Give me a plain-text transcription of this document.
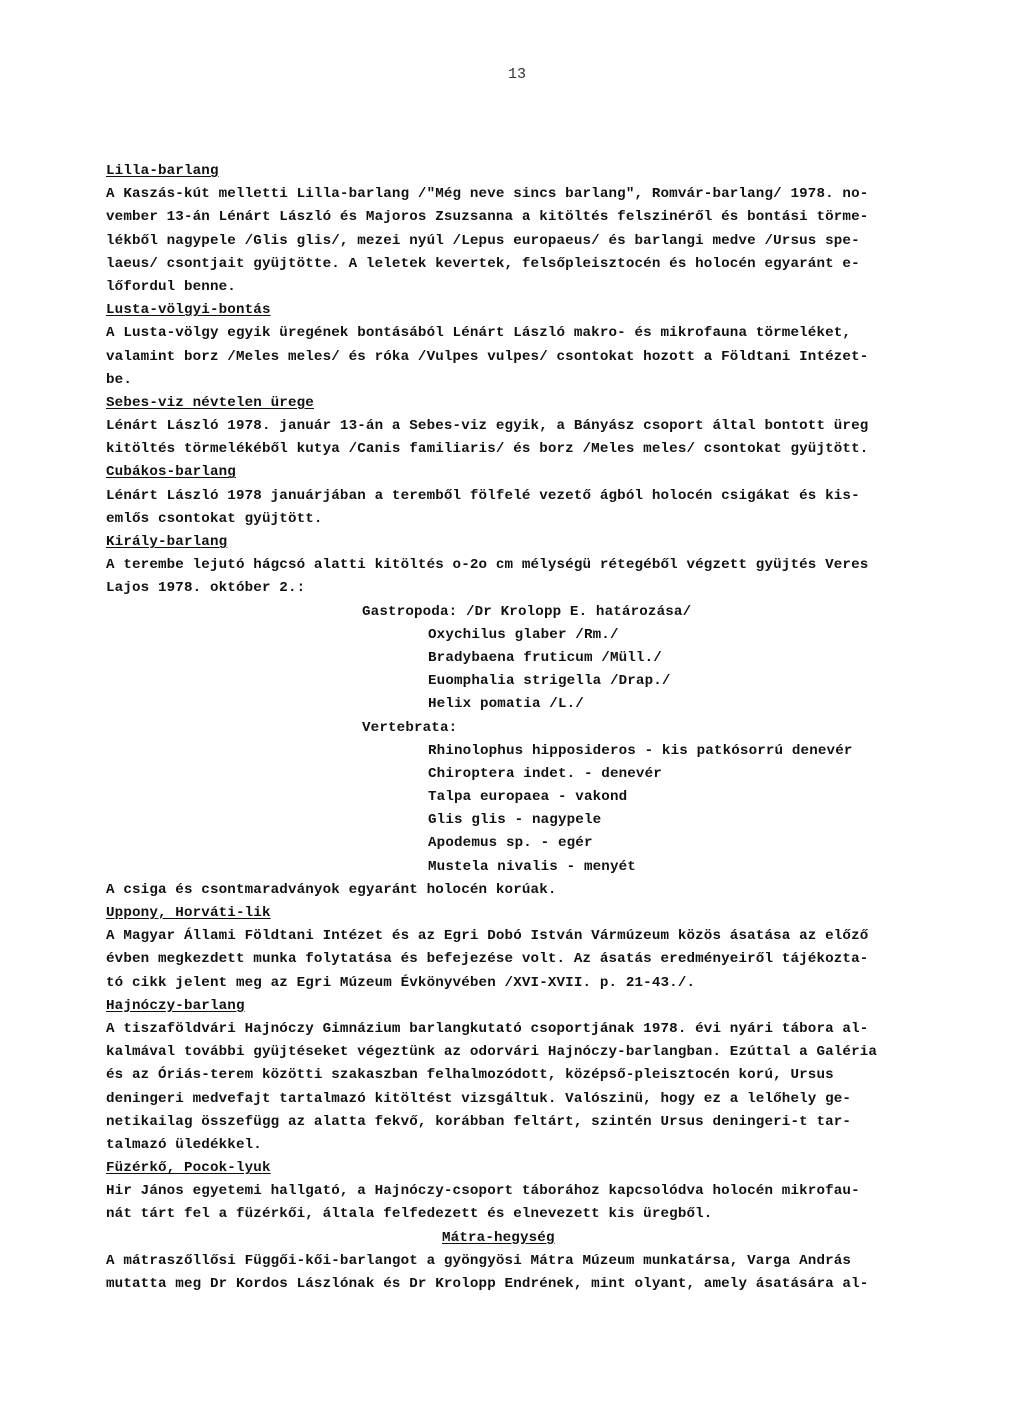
13
Lilla-barlang
A Kaszás-kút melletti Lilla-barlang /"Még neve sincs barlang", Romvár-barlang/ 1978. no-
vember 13-án Lénárt László és Majoros Zsuzsanna a kitöltés felszinéről és bontási törme-
lékből nagypele /Glis glis/, mezei nyúl /Lepus europaeus/ és barlangi medve /Ursus spe-
laeus/ csontjait gyüjtötte. A leletek kevertek, felsőpleisztocén és holocén egyaránt e-
lőfordul benne.
Lusta-völgyi-bontás
A Lusta-völgy egyik üregének bontásából Lénárt László makro- és mikrofauna törmeléket,
valamint borz /Meles meles/ és róka /Vulpes vulpes/ csontokat hozott a Földtani Intézet-
be.
Sebes-viz névtelen ürege
Lénárt László 1978. január 13-án a Sebes-viz egyik, a Bányász csoport által bontott üreg
kitöltés törmelékéből kutya /Canis familiaris/ és borz /Meles meles/ csontokat gyüjtött.
Cubákos-barlang
Lénárt László 1978 januárjában a teremből fölfelé vezető ágból holocén csigákat és kis-
emlős csontokat gyüjtött.
Király-barlang
A terembe lejutó hágcsó alatti kitöltés o-2o cm mélységü rétegéből végzett gyüjtés Veres
Lajos 1978. október 2.:
Gastropoda: /Dr Krolopp E. határozása/
Oxychilus glaber /Rm./
Bradybaena fruticum /Müll./
Euomphalia strigella /Drap./
Helix pomatia /L./
Vertebrata:
Rhinolophus hipposideros - kis patkósorrú denevér
Chiroptera indet. - denevér
Talpa europaea - vakond
Glis glis - nagypele
Apodemus sp. - egér
Mustela nivalis - menyét
A csiga és csontmaradványok egyaránt holocén korúak.
Uppony, Horváti-lik
A Magyar Állami Földtani Intézet és az Egri Dobó István Vármúzeum közös ásatása az előző
évben megkezdett munka folytatása és befejezése volt. Az ásatás eredményeiről tájékozta-
tó cikk jelent meg az Egri Múzeum Évkönyvében /XVI-XVII. p. 21-43./.
Hajnóczy-barlang
A tiszaföldvári Hajnóczy Gimnázium barlangkutató csoportjának 1978. évi nyári tábora al-
kalmával további gyüjtéseket végeztünk az odorvári Hajnóczy-barlangban. Ezúttal a Galéria
és az Óriás-terem közötti szakaszban felhalmozódott, középső-pleisztocén korú, Ursus
deningeri medvefajt tartalmazó kitöltést vizsgáltuk. Valószinü, hogy ez a lelőhely ge-
netikailag összefügg az alatta fekvő, korábban feltárt, szintén Ursus deningeri-t tar-
talmazó üledékkel.
Füzérkő, Pocok-lyuk
Hir János egyetemi hallgató, a Hajnóczy-csoport táborához kapcsolódva holocén mikrofau-
nát tárt fel a füzérkői, általa felfedezett és elnevezett kis üregből.
Mátra-hegység
A mátraszőllősi Függői-kői-barlangot a gyöngyösi Mátra Múzeum munkatársa, Varga András
mutatta meg Dr Kordos Lászlónak és Dr Krolopp Endrének, mint olyant, amely ásatására al-
